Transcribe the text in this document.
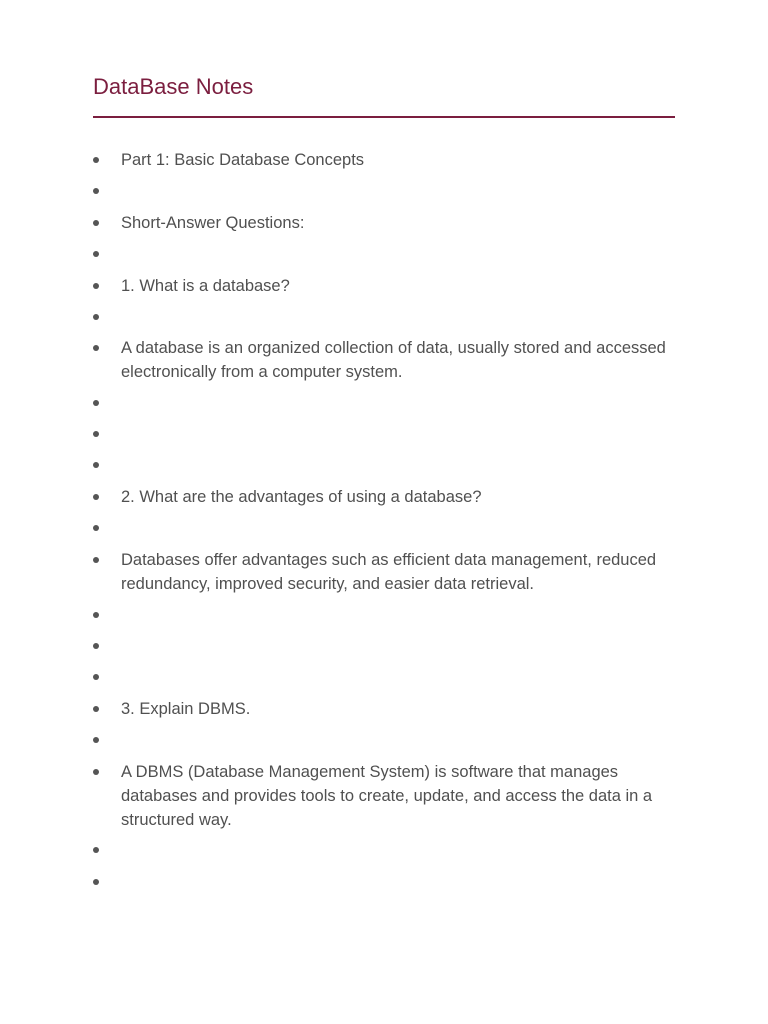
DataBase Notes
Part 1: Basic Database Concepts
Short-Answer Questions:
1. What is a database?
A database is an organized collection of data, usually stored and accessed electronically from a computer system.
2. What are the advantages of using a database?
Databases offer advantages such as efficient data management, reduced redundancy, improved security, and easier data retrieval.
3. Explain DBMS.
A DBMS (Database Management System) is software that manages databases and provides tools to create, update, and access the data in a structured way.
